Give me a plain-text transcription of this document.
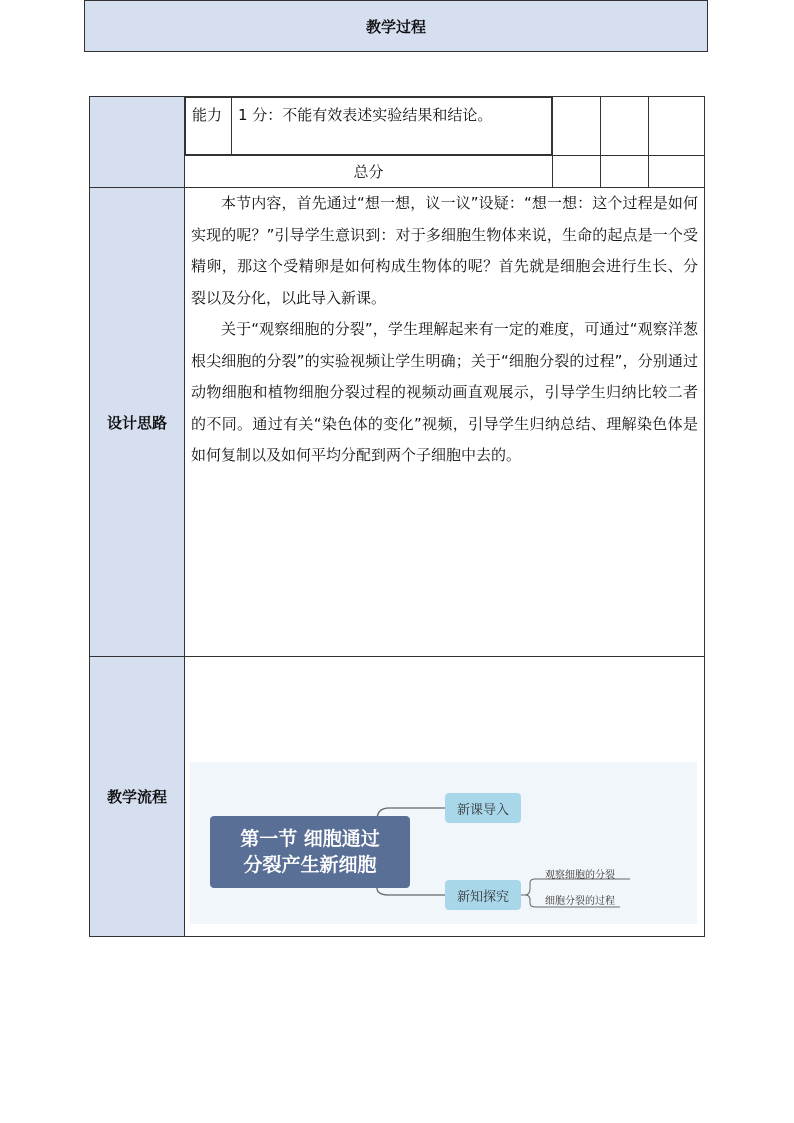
教学过程

能力	1 分：不能有效表述实验结果和结论。

总分			
设计思路	

本节内容，首先通过“想一想，议一议”设疑：“想一想：这个过程是如何实现的呢？”引导学生意识到：对于多细胞生物体来说，生命的起点是一个受精卵，那这个受精卵是如何构成生物体的呢？首先就是细胞会进行生长、分裂以及分化，以此导入新课。

关于“观察细胞的分裂”，学生理解起来有一定的难度，可通过“观察洋葱根尖细胞的分裂”的实验视频让学生明确；关于“细胞分裂的过程”，分别通过动物细胞和植物细胞分裂过程的视频动画直观展示，引导学生归纳比较二者的不同。通过有关“染色体的变化”视频，引导学生归纳总结、理解染色体是如何复制以及如何平均分配到两个子细胞中去的。

教学流程	
第一节 细胞通过
分裂产生新细胞
新课导入
新知探究
观察细胞的分裂
细胞分裂的过程
